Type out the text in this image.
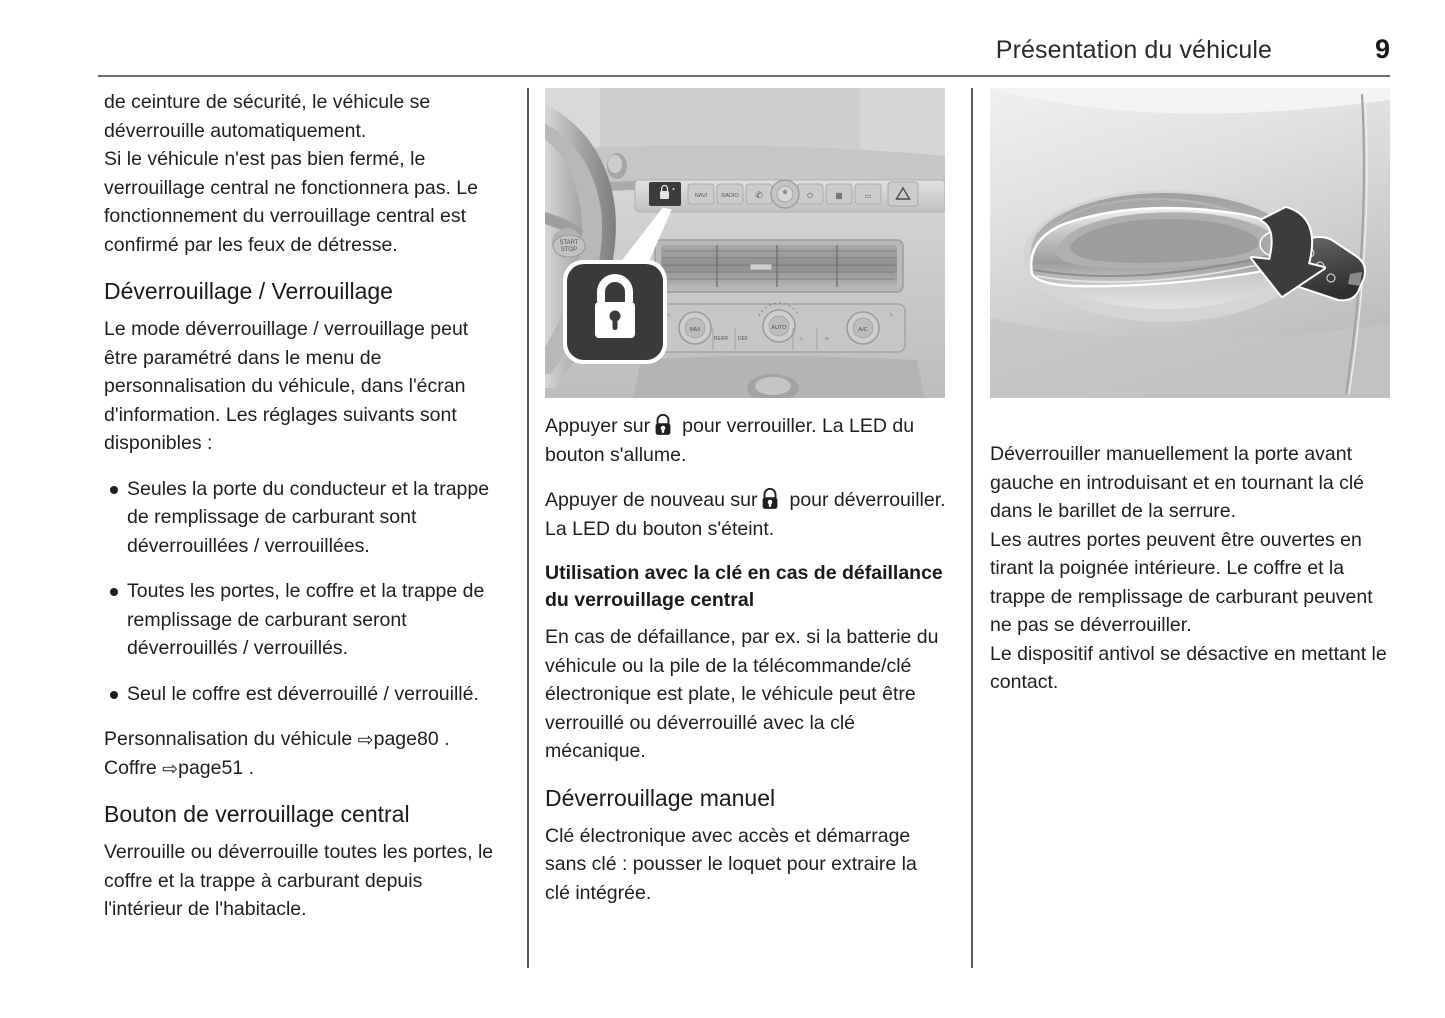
Présentation du véhicule	9

de ceinture de sécurité, le véhicule se déverrouille automatiquement.

Si le véhicule n'est pas bien fermé, le verrouillage central ne fonctionnera pas. Le fonctionnement du verrouillage central est confirmé par les feux de détresse.

Déverrouillage / Verrouillage

Le mode déverrouillage / verrouillage peut être paramétré dans le menu de personnalisation du véhicule, dans l'écran d'information. Les réglages suivants sont disponibles :

Seules la porte du conducteur et la trappe de remplissage de carburant sont déverrouillées / verrouillées.
Toutes les portes, le coffre et la trappe de remplissage de carburant seront déverrouillés / verrouillés.
Seul le coffre est déverrouillé / verrouillé.

Personnalisation du véhicule ⇨page80 .
Coffre ⇨page51 .

Bouton de verrouillage central

Verrouille ou déverrouille toutes les portes, le coffre et la trappe à carburant depuis l'intérieur de l'habitacle.

START
STOP
NAVI	RADIO ✆	▦	▭
⏻
MAX	AUTO	A/C
REAR DEF	♨	∞
♨	♨

Appuyer sur pour verrouiller. La LED du bouton s'allume.

Appuyer de nouveau sur pour déverrouiller. La LED du bouton s'éteint.

Utilisation avec la clé en cas de défaillance du verrouillage central

En cas de défaillance, par ex. si la batterie du véhicule ou la pile de la télécommande/clé électronique est plate, le véhicule peut être verrouillé ou déverrouillé avec la clé mécanique.

Déverrouillage manuel

Clé électronique avec accès et démarrage sans clé : pousser le loquet pour extraire la clé intégrée.

Déverrouiller manuellement la porte avant gauche en introduisant et en tournant la clé dans le barillet de la serrure.

Les autres portes peuvent être ouvertes en tirant la poignée intérieure. Le coffre et la trappe de remplissage de carburant peuvent ne pas se déverrouiller.

Le dispositif antivol se désactive en mettant le contact.
